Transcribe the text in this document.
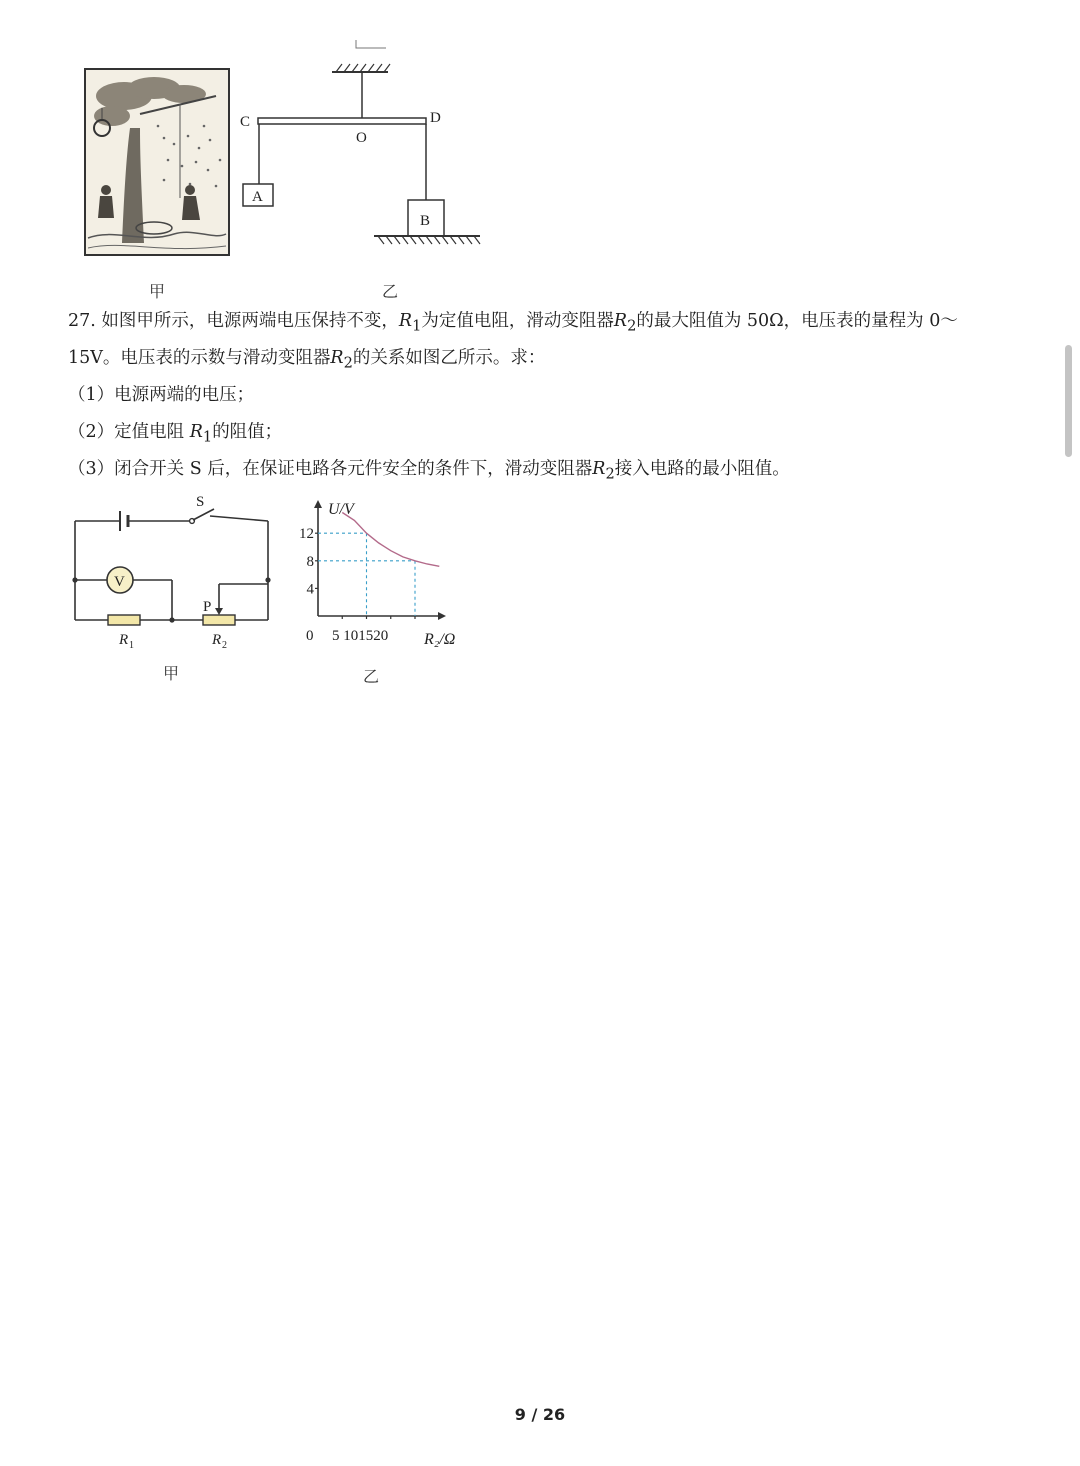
C	D
O
A
B
甲	乙
27. 如图甲所示，电源两端电压保持不变，$R_1$为定值电阻，滑动变阻器$R_2$的最大阻值为 50Ω，电压表的量程为 0～
15V。电压表的示数与滑动变阻器$R_2$的关系如图乙所示。求：
（1）电源两端的电压；
（2）定值电阻 $R_1$的阻值；
（3）闭合开关 S 后，在保证电路各元件安全的条件下，滑动变阻器$R_2$接入电路的最小阻值。
S
V
P
R 1	R 2
甲
4
8
12
U/V
R₂/Ω
0 5 101520
乙
9 / 26
